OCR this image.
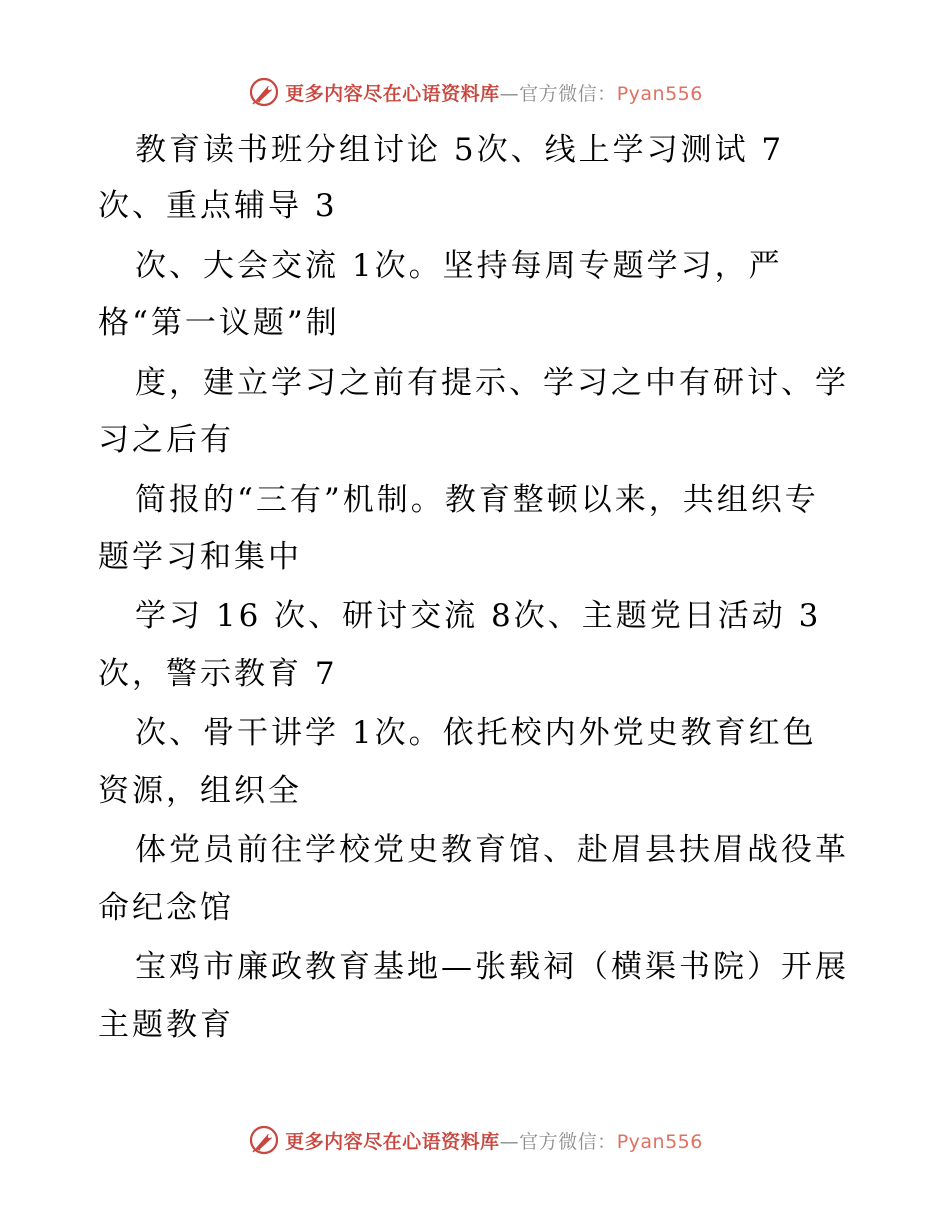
更多内容尽在心语资料库—官方微信：Pyan556
教育读书班分组讨论 5次、线上学习测试 7
次、重点辅导 3
次、大会交流 1次。坚持每周专题学习，严
格“第一议题”制
度，建立学习之前有提示、学习之中有研讨、学
习之后有
简报的“三有”机制。教育整顿以来，共组织专
题学习和集中
学习 16 次、研讨交流 8次、主题党日活动 3
次，警示教育 7
次、骨干讲学 1次。依托校内外党史教育红色
资源，组织全
体党员前往学校党史教育馆、赴眉县扶眉战役革
命纪念馆
宝鸡市廉政教育基地—张载祠（横渠书院）开展
主题教育
更多内容尽在心语资料库—官方微信：Pyan556
